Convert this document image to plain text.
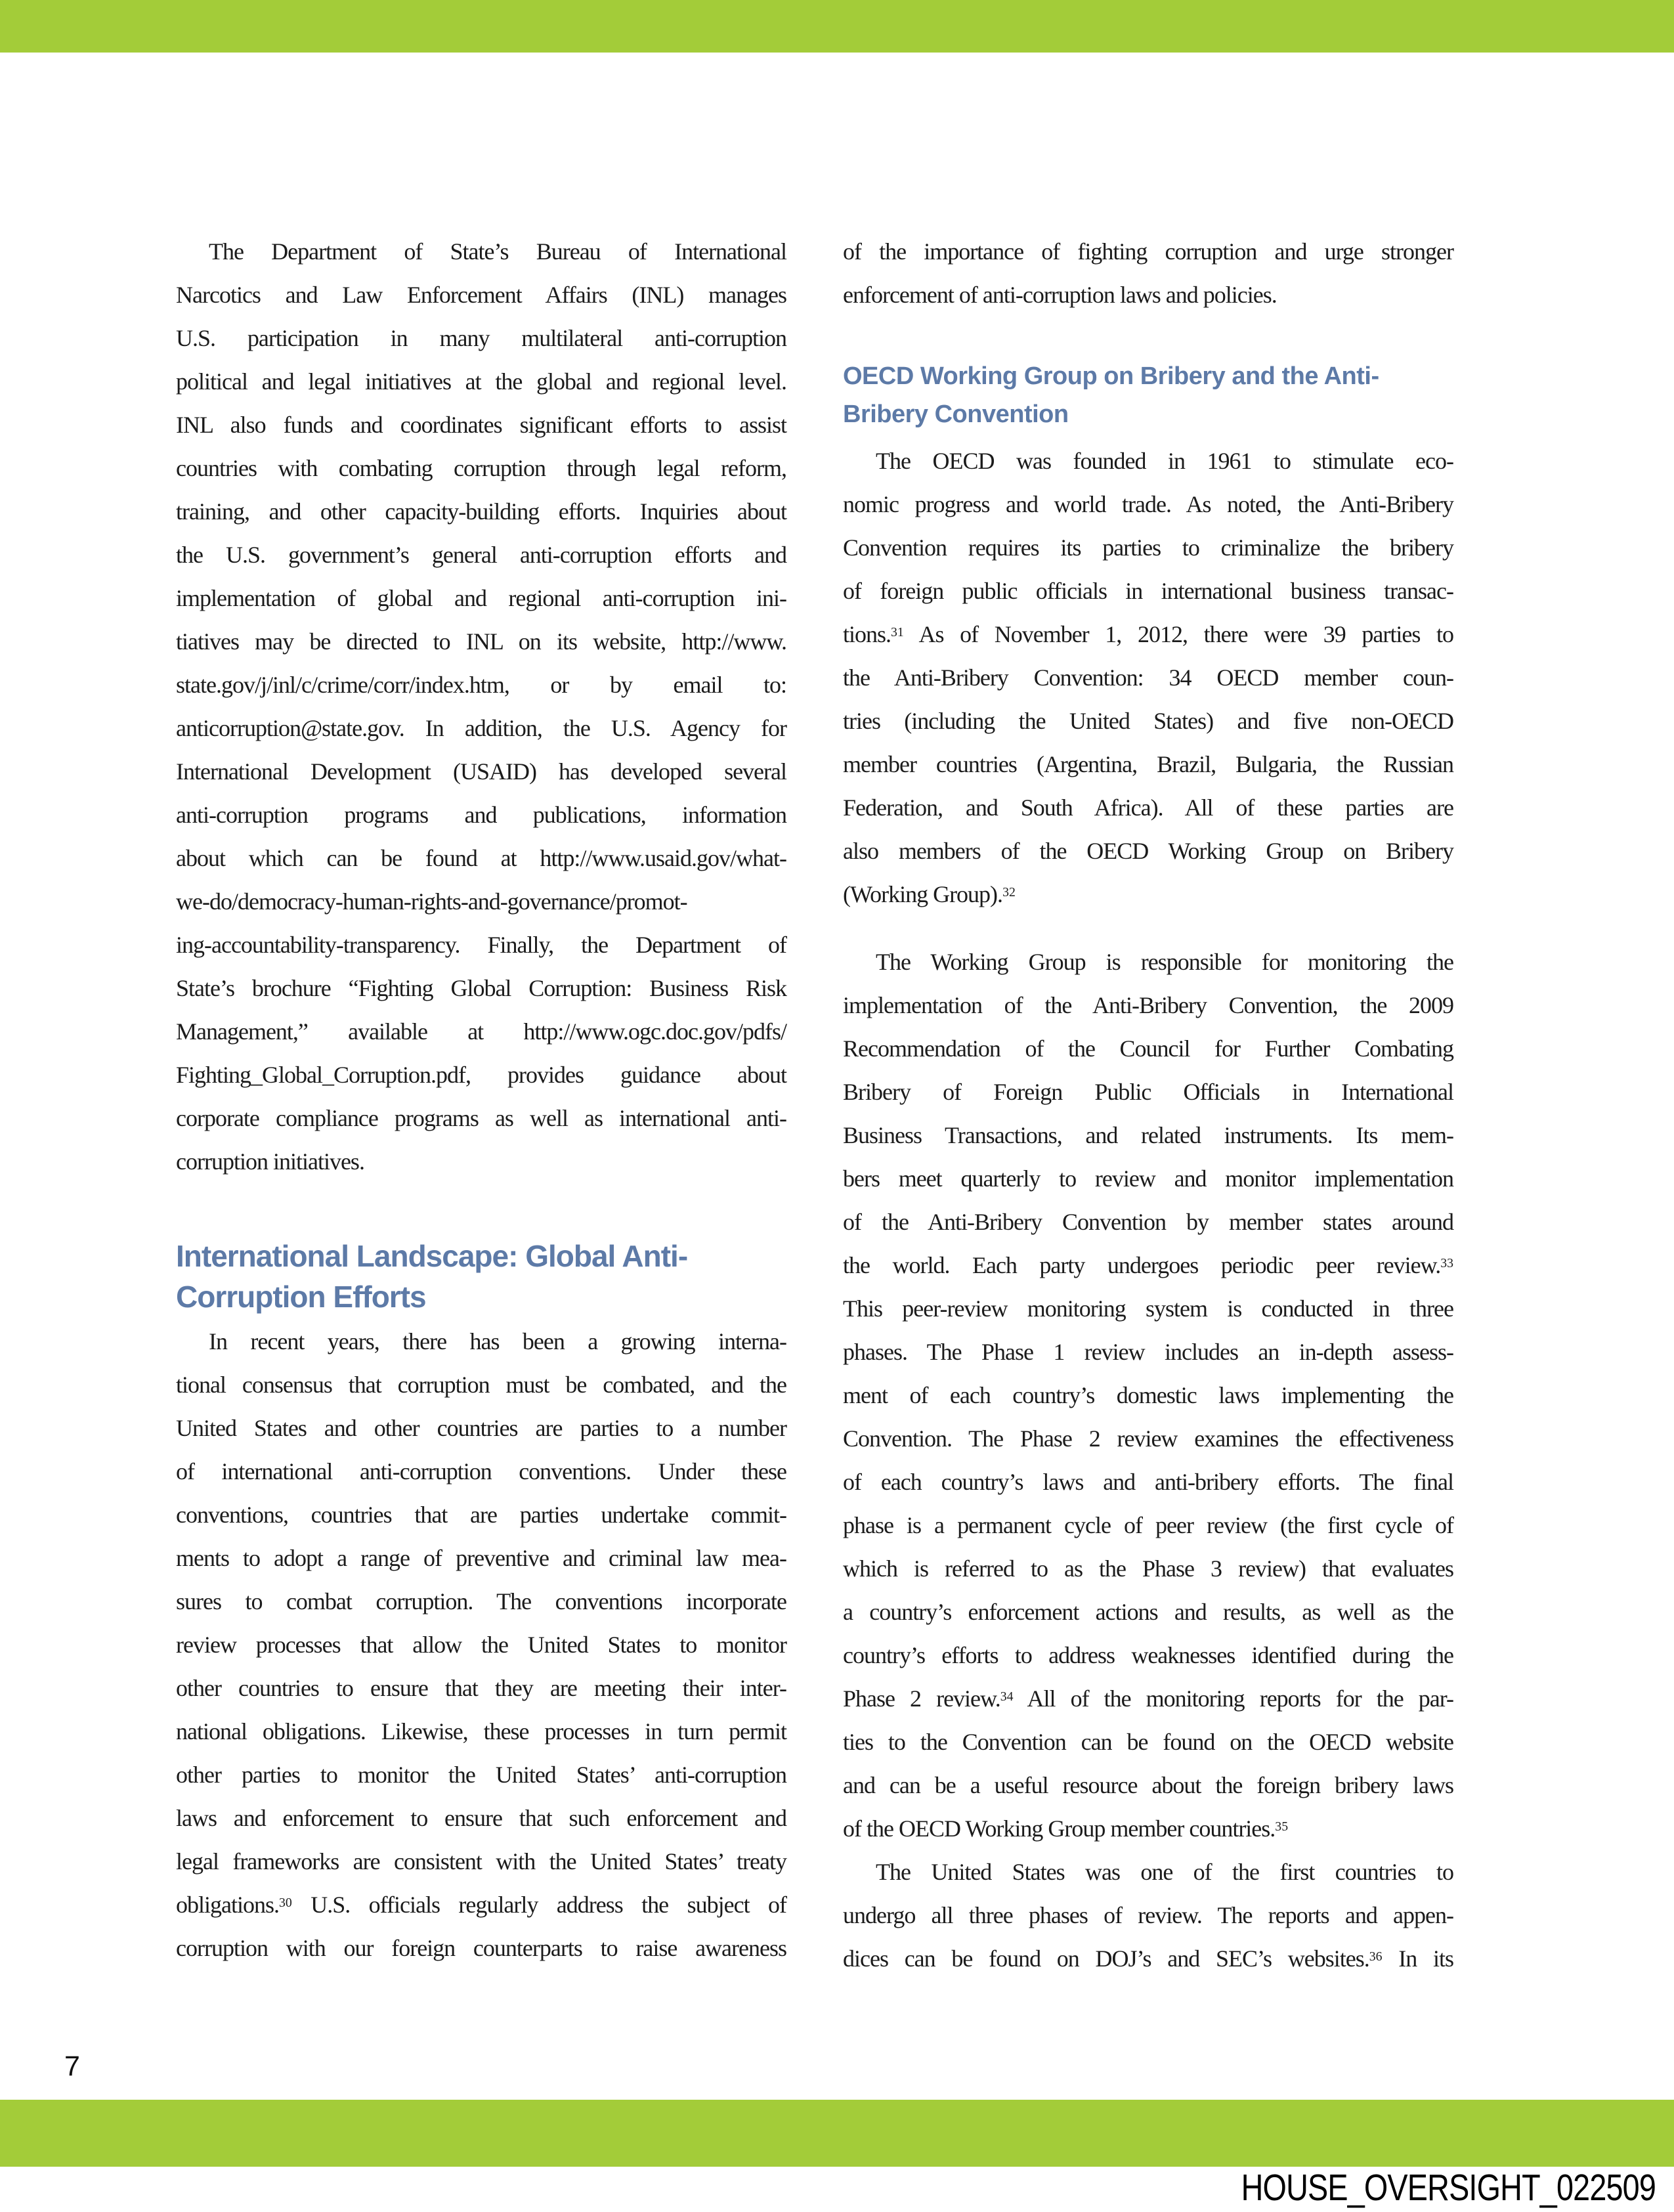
The Department of State’s Bureau of International
Narcotics and Law Enforcement Affairs (INL) manages
U.S. participation in many multilateral anti-corruption
political and legal initiatives at the global and regional level.
INL also funds and coordinates significant efforts to assist
countries with combating corruption through legal reform,
training, and other capacity-building efforts. Inquiries about
the U.S. government’s general anti-corruption efforts and
implementation of global and regional anti-corruption ini-
tiatives may be directed to INL on its website, http://www.
state.gov/j/inl/c/crime/corr/index.htm, or by email to:
anticorruption@state.gov. In addition, the U.S. Agency for
International Development (USAID) has developed several
anti-corruption programs and publications, information
about which can be found at http://www.usaid.gov/what-
we-do/democracy-human-rights-and-governance/promot-
ing-accountability-transparency. Finally, the Department of
State’s brochure “Fighting Global Corruption: Business Risk
Management,” available at http://www.ogc.doc.gov/pdfs/
Fighting_Global_Corruption.pdf, provides guidance about
corporate compliance programs as well as international anti-
corruption initiatives.
International Landscape: Global Anti-
Corruption Efforts
In recent years, there has been a growing interna-
tional consensus that corruption must be combated, and the
United States and other countries are parties to a number
of international anti-corruption conventions. Under these
conventions, countries that are parties undertake commit-
ments to adopt a range of preventive and criminal law mea-
sures to combat corruption. The conventions incorporate
review processes that allow the United States to monitor
other countries to ensure that they are meeting their inter-
national obligations. Likewise, these processes in turn permit
other parties to monitor the United States’ anti-corruption
laws and enforcement to ensure that such enforcement and
legal frameworks are consistent with the United States’ treaty
obligations.$^{30}$ U.S. officials regularly address the subject of
corruption with our foreign counterparts to raise awareness
of the importance of fighting corruption and urge stronger
enforcement of anti-corruption laws and policies.
OECD Working Group on Bribery and the Anti-
Bribery Convention
The OECD was founded in 1961 to stimulate eco-
nomic progress and world trade. As noted, the Anti-Bribery
Convention requires its parties to criminalize the bribery
of foreign public officials in international business transac-
tions.$^{31}$ As of November 1, 2012, there were 39 parties to
the Anti-Bribery Convention: 34 OECD member coun-
tries (including the United States) and five non-OECD
member countries (Argentina, Brazil, Bulgaria, the Russian
Federation, and South Africa). All of these parties are
also members of the OECD Working Group on Bribery
(Working Group).$^{32}$
The Working Group is responsible for monitoring the
implementation of the Anti-Bribery Convention, the 2009
Recommendation of the Council for Further Combating
Bribery of Foreign Public Officials in International
Business Transactions, and related instruments. Its mem-
bers meet quarterly to review and monitor implementation
of the Anti-Bribery Convention by member states around
the world. Each party undergoes periodic peer review.$^{33}$
This peer-review monitoring system is conducted in three
phases. The Phase 1 review includes an in-depth assess-
ment of each country’s domestic laws implementing the
Convention. The Phase 2 review examines the effectiveness
of each country’s laws and anti-bribery efforts. The final
phase is a permanent cycle of peer review (the first cycle of
which is referred to as the Phase 3 review) that evaluates
a country’s enforcement actions and results, as well as the
country’s efforts to address weaknesses identified during the
Phase 2 review.$^{34}$ All of the monitoring reports for the par-
ties to the Convention can be found on the OECD website
and can be a useful resource about the foreign bribery laws
of the OECD Working Group member countries.$^{35}$
The United States was one of the first countries to
undergo all three phases of review. The reports and appen-
dices can be found on DOJ’s and SEC’s websites.$^{36}$ In its
7
HOUSE_OVERSIGHT_022509
